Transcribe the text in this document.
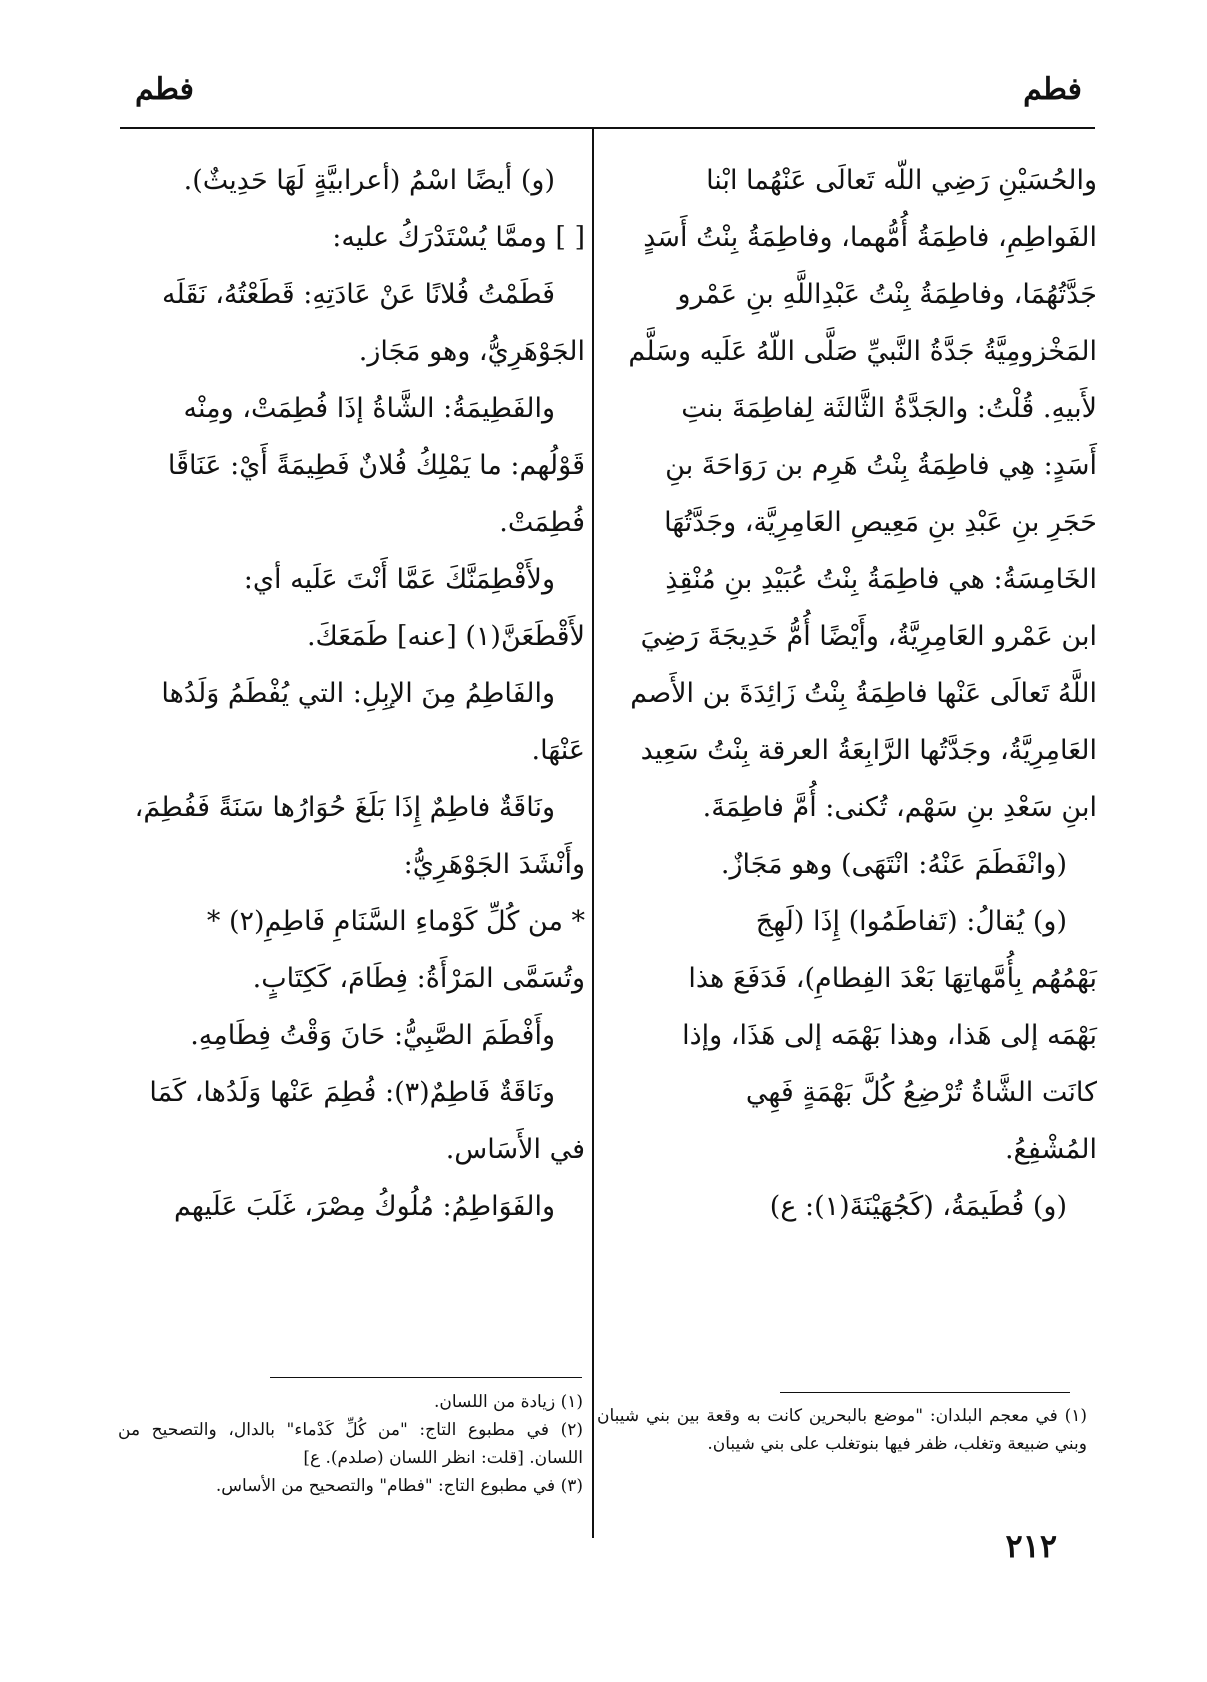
فطم
فطم

والحُسَيْنِ رَضِي اللّه تَعالَى عَنْهُما ابْنا

الفَواطِمِ، فاطِمَةُ أُمُّهما، وفاطِمَةُ بِنْتُ أَسَدٍ

جَدَّتُهُمَا، وفاطِمَةُ بِنْتُ عَبْدِاللَّهِ بنِ عَمْرو

المَخْزومِيَّةُ جَدَّةُ النَّبيِّ صَلَّى اللّهُ عَلَيه وسَلَّم

لأَبيهِ. قُلْتُ: والجَدَّةُ الثَّالثَة لِفاطِمَةَ بنتِ

أَسَدٍ: هِي فاطِمَةُ بِنْتُ هَرِم بن رَوَاحَةَ بنِ

حَجَرِ بنِ عَبْدِ بنِ مَعِيصِ العَامِرِيَّة، وجَدَّتُهَا

الخَامِسَةُ: هي فاطِمَةُ بِنْتُ عُبَيْدِ بنِ مُنْقِذِ

ابن عَمْرو العَامِرِيَّةُ، وأَيْضًا أُمُّ خَدِيجَةَ رَضِيَ

اللَّهُ تَعالَى عَنْها فاطِمَةُ بِنْتُ زَائِدَةَ بن الأَصم

العَامِرِيَّةُ، وجَدَّتُها الرَّابِعَةُ العرقة بِنْتُ سَعِيد

ابنِ سَعْدِ بنِ سَهْم، تُكنى: أُمَّ فاطِمَةَ.

(وانْفَطَمَ عَنْهُ: انْتَهَى) وهو مَجَازٌ.

(و) يُقالُ: (تَفاطَمُوا) إِذَا (لَهِجَ

بَهْمُهُم بِأُمَّهاتِهَا بَعْدَ الفِطامِ)، فَدَفَعَ هذا

بَهْمَه إلى هَذا، وهذا بَهْمَه إلى هَذَا، وإذا

كانَت الشَّاةُ تُرْضِعُ كُلَّ بَهْمَةٍ فَهِي

المُشْفِعُ.

(و) فُطَيمَةُ، (كَجُهَيْنَةَ(١): ع)

(و) أيضًا اسْمُ (أعرابيَّةٍ لَهَا حَدِيثٌ).

[ ] وممَّا يُسْتَدْرَكُ عليه:

فَطَمْتُ فُلانًا عَنْ عَادَتِهِ: قَطَعْتُهُ، نَقَلَه

الجَوْهَرِيُّ، وهو مَجَاز.

والفَطِيمَةُ: الشَّاةُ إذَا فُطِمَتْ، ومِنْه

قَوْلُهم: ما يَمْلِكُ فُلانٌ فَطِيمَةً أَيْ: عَنَاقًا

فُطِمَتْ.

ولأَفْطِمَنَّكَ عَمَّا أَنْتَ عَلَيه أي:

لأَقْطَعَنَّ(١) [عنه] طَمَعَكَ.

والفَاطِمُ مِنَ الإبِلِ: التي يُفْطَمُ وَلَدُها

عَنْهَا.

ونَاقَةٌ فاطِمٌ إِذَا بَلَغَ حُوَارُها سَنَةً فَفُطِمَ،

وأَنْشَدَ الجَوْهَرِيُّ:

* من كُلِّ كَوْماءِ السَّنَامِ فَاطِمِ(٢) *

وتُسَمَّى المَرْأَةُ: فِطَامَ، كَكِتَابٍ.

وأَفْطَمَ الصَّبِيُّ: حَانَ وَقْتُ فِطَامِهِ.

ونَاقَةٌ فَاطِمٌ(٣): فُطِمَ عَنْها وَلَدُها، كَمَا

في الأَسَاس.

والفَوَاطِمُ: مُلُوكُ مِصْرَ، غَلَبَ عَلَيهم

(١) في معجم البلدان: "موضع بالبحرين كانت به وقعة بين بني شيبان وبني ضبيعة وتغلب، ظفر فيها بنوتغلب على بني شيبان.

(١) زيادة من اللسان.

(٢) في مطبوع التاج: "من كُلِّ كَدْماء" بالدال، والتصحيح من اللسان. [قلت: انظر اللسان (صلدم). ع]

(٣) في مطبوع التاج: "فطام" والتصحيح من الأساس.

٢١٢
